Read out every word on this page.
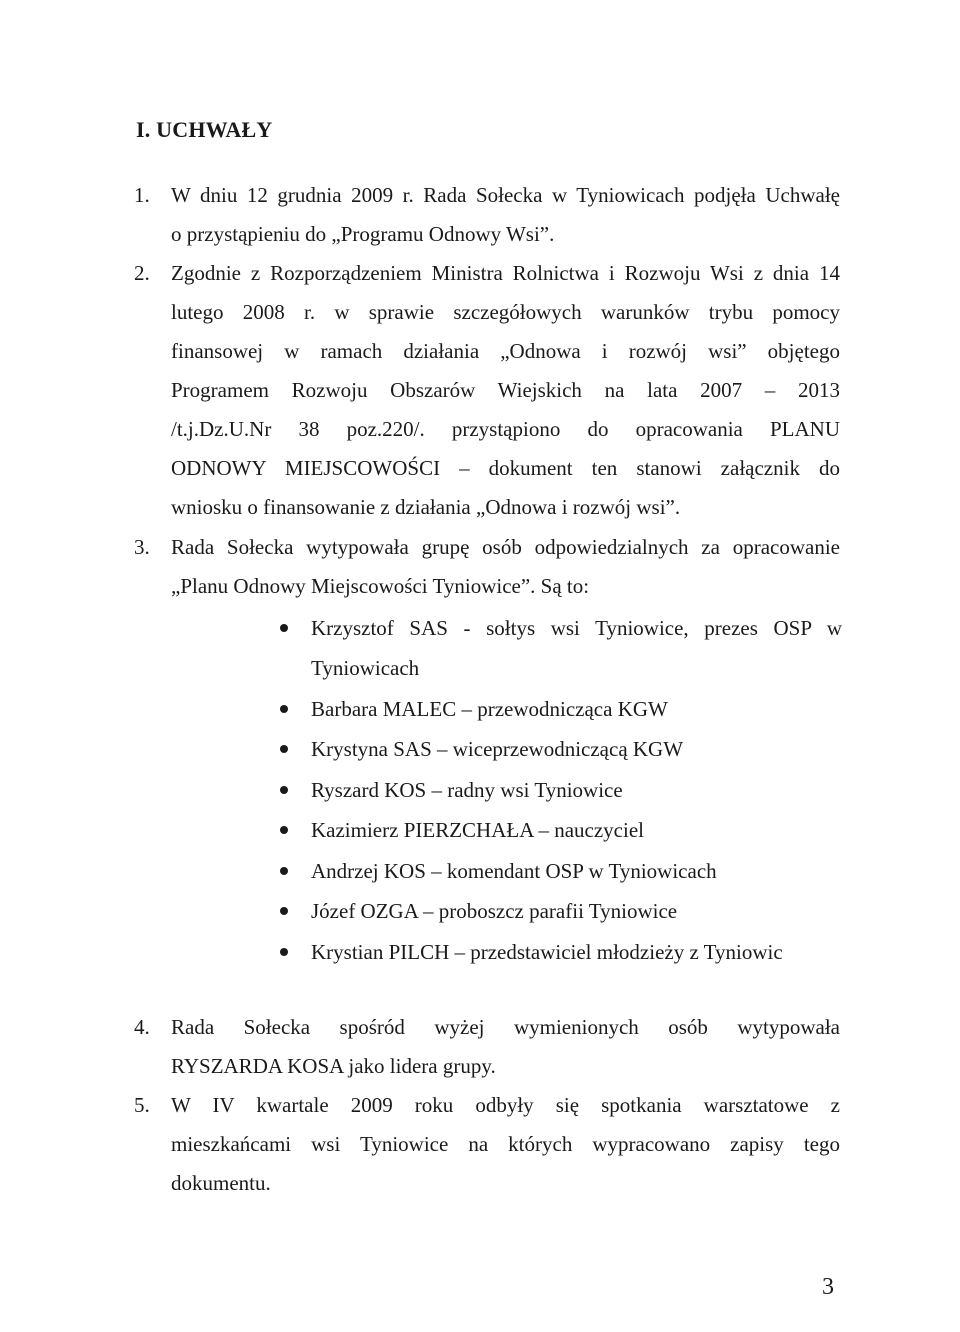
I. UCHWAŁY
1.	W dniu 12 grudnia 2009 r. Rada Sołecka w Tyniowicach podjęła Uchwałę
o przystąpieniu do „Programu Odnowy Wsi”.
2.	Zgodnie z Rozporządzeniem Ministra Rolnictwa i Rozwoju Wsi z dnia 14
lutego 2008 r. w sprawie szczegółowych warunków trybu pomocy
finansowej w ramach działania „Odnowa i rozwój wsi” objętego
Programem Rozwoju Obszarów Wiejskich na lata 2007 – 2013
/t.j.Dz.U.Nr 38 poz.220/. przystąpiono do opracowania PLANU
ODNOWY MIEJSCOWOŚCI – dokument ten stanowi załącznik do
wniosku o finansowanie z działania „Odnowa i rozwój wsi”.
3.	Rada Sołecka wytypowała grupę osób odpowiedzialnych za opracowanie
„Planu Odnowy Miejscowości Tyniowice”. Są to:
Krzysztof SAS - sołtys wsi Tyniowice, prezes OSP w Tyniowicach
Barbara MALEC – przewodnicząca KGW
Krystyna SAS – wiceprzewodniczącą KGW
Ryszard KOS – radny wsi Tyniowice
Kazimierz PIERZCHAŁA – nauczyciel
Andrzej KOS – komendant OSP w Tyniowicach
Józef OZGA – proboszcz parafii Tyniowice
Krystian PILCH – przedstawiciel młodzieży z Tyniowic
4.	Rada Sołecka spośród wyżej wymienionych osób wytypowała
RYSZARDA KOSA jako lidera grupy.
5.	W IV kwartale 2009 roku odbyły się spotkania warsztatowe z
mieszkańcami wsi Tyniowice na których wypracowano zapisy tego
dokumentu.
3
